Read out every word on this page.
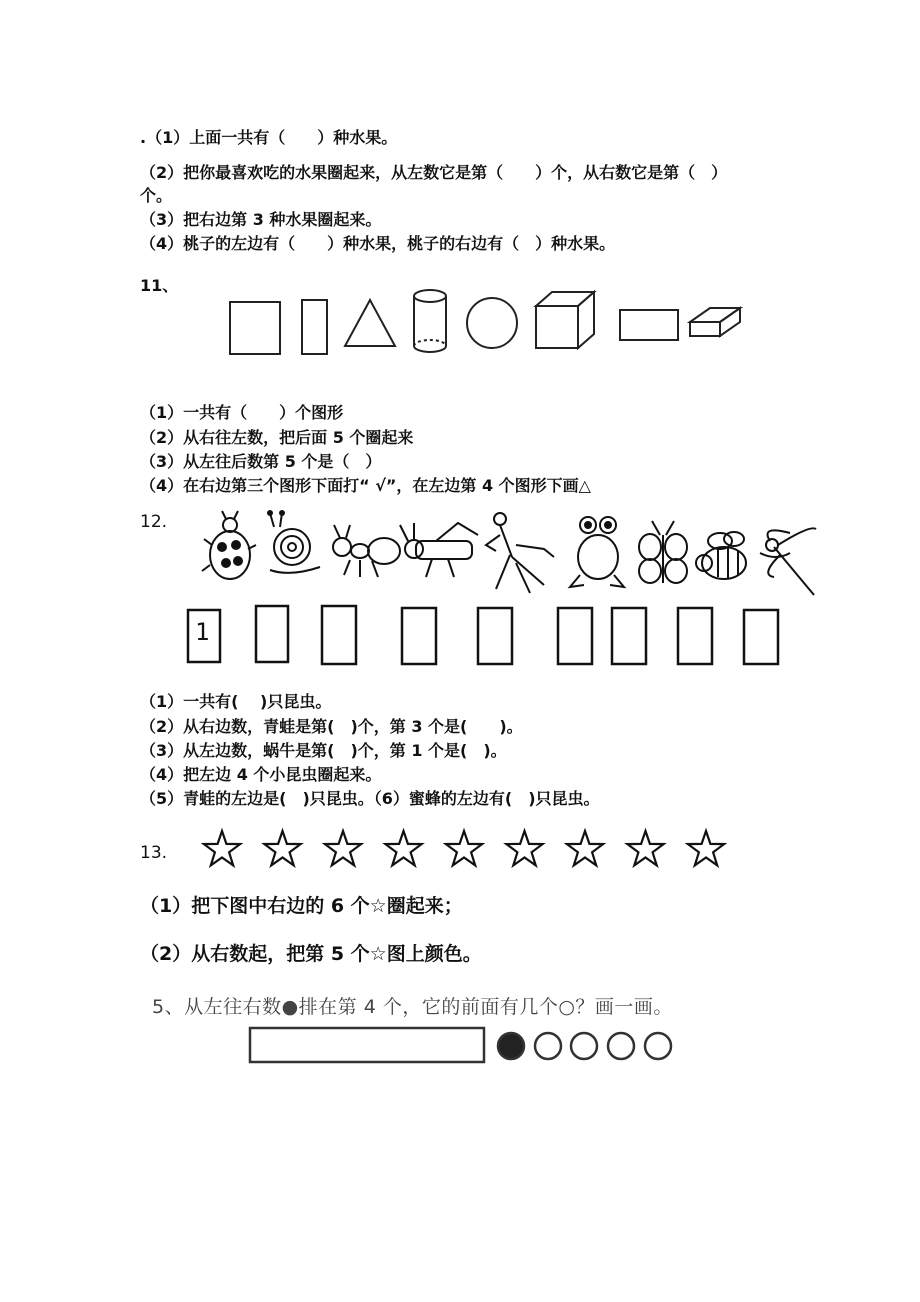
.（1）上面一共有（　　）种水果。
（2）把你最喜欢吃的水果圈起来，从左数它是第（　　）个，从右数它是第（　）
个。
（3）把右边第 3 种水果圈起来。
（4）桃子的左边有（　　）种水果，桃子的右边有（　）种水果。
11、
（1）一共有（　　）个图形
（2）从右往左数，把后面 5 个圈起来
（3）从左往后数第 5 个是（　）
（4）在右边第三个图形下面打“ √”，在左边第 4 个图形下画△
12.
1
（1）一共有(　 )只昆虫。
（2）从右边数，青蛙是第(　)个，第 3 个是(　　)。
（3）从左边数，蜗牛是第(　)个，第 1 个是(　)。
（4）把左边 4 个小昆虫圈起来。
（5）青蛙的左边是(　)只昆虫。（6）蜜蜂的左边有(　)只昆虫。
13.
（1）把下图中右边的 6 个☆圈起来；
（2）从右数起，把第 5 个☆图上颜色。
5、从左往右数●排在第 4 个，它的前面有几个○？画一画。
